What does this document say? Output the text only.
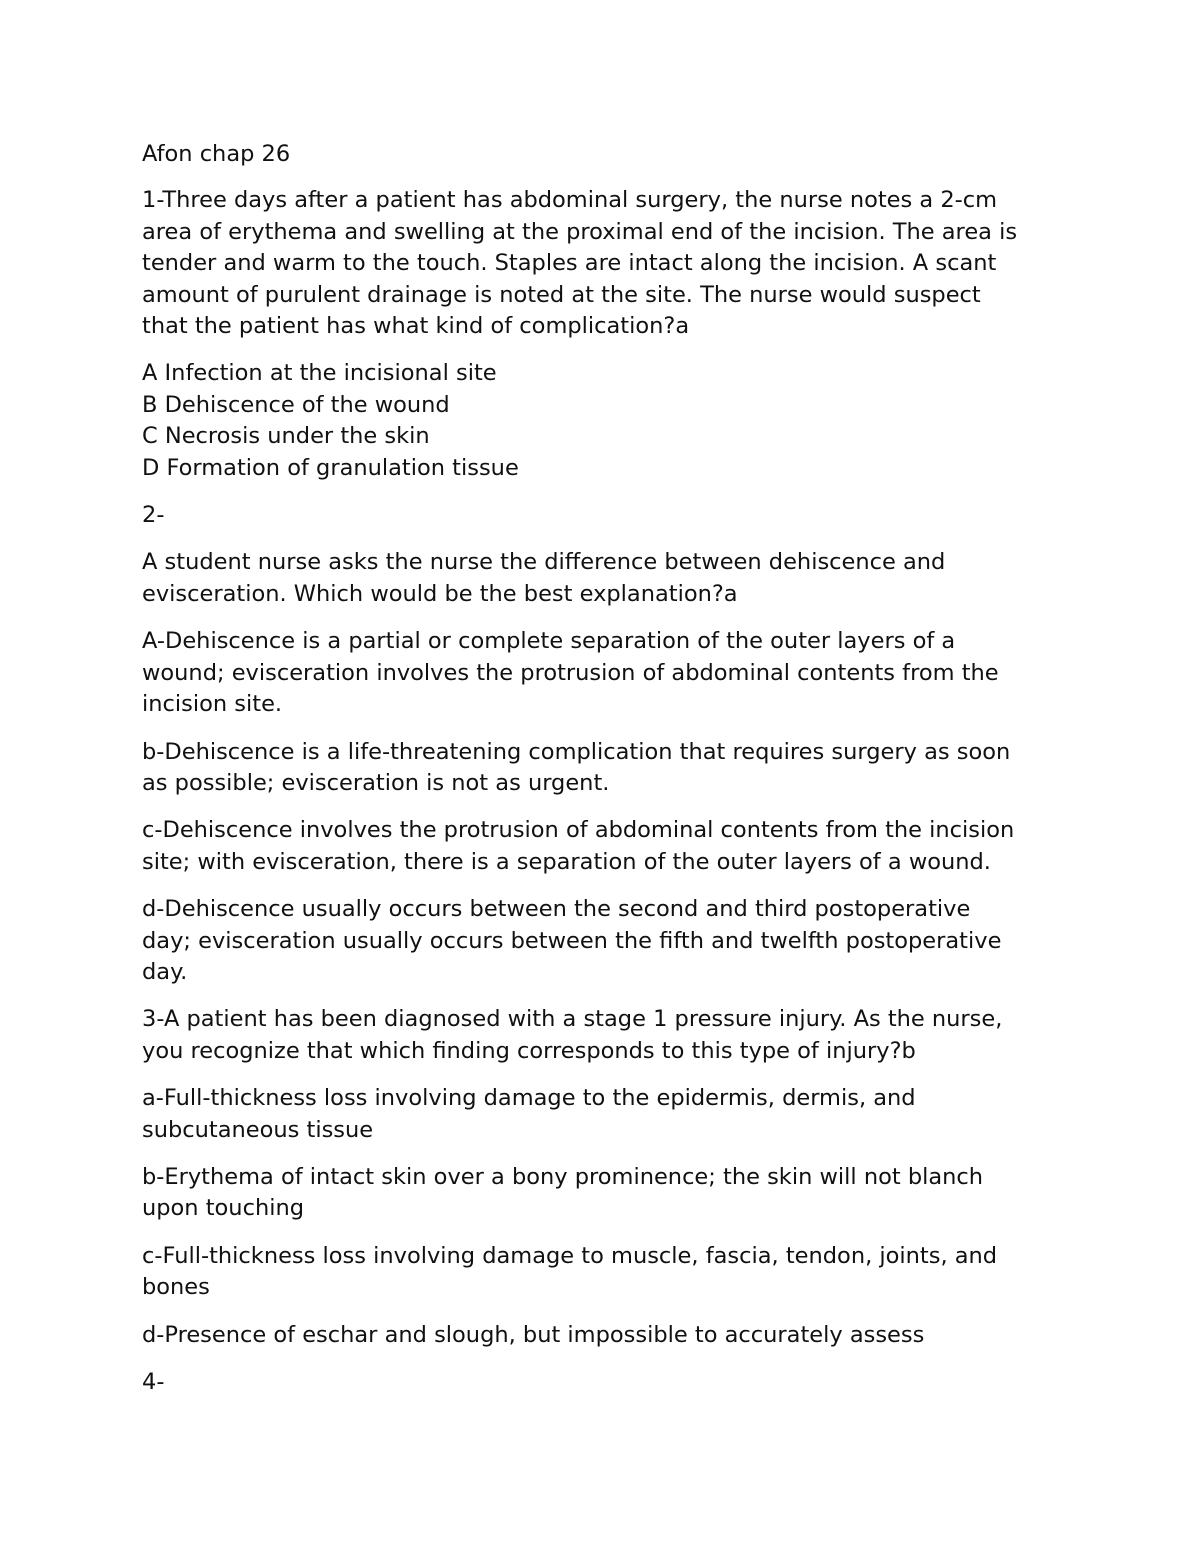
Afon chap 26
1-Three days after a patient has abdominal surgery, the nurse notes a 2-cm
area of erythema and swelling at the proximal end of the incision. The area is
tender and warm to the touch. Staples are intact along the incision. A scant
amount of purulent drainage is noted at the site. The nurse would suspect
that the patient has what kind of complication?a
A Infection at the incisional site
B Dehiscence of the wound
C Necrosis under the skin
D Formation of granulation tissue
2-
A student nurse asks the nurse the difference between dehiscence and
evisceration. Which would be the best explanation?a
A-Dehiscence is a partial or complete separation of the outer layers of a
wound; evisceration involves the protrusion of abdominal contents from the
incision site.
b-Dehiscence is a life-threatening complication that requires surgery as soon
as possible; evisceration is not as urgent.
c-Dehiscence involves the protrusion of abdominal contents from the incision
site; with evisceration, there is a separation of the outer layers of a wound.
d-Dehiscence usually occurs between the second and third postoperative
day; evisceration usually occurs between the fifth and twelfth postoperative
day.
3-A patient has been diagnosed with a stage 1 pressure injury. As the nurse,
you recognize that which finding corresponds to this type of injury?b
a-Full-thickness loss involving damage to the epidermis, dermis, and
subcutaneous tissue
b-Erythema of intact skin over a bony prominence; the skin will not blanch
upon touching
c-Full-thickness loss involving damage to muscle, fascia, tendon, joints, and
bones
d-Presence of eschar and slough, but impossible to accurately assess
4-
